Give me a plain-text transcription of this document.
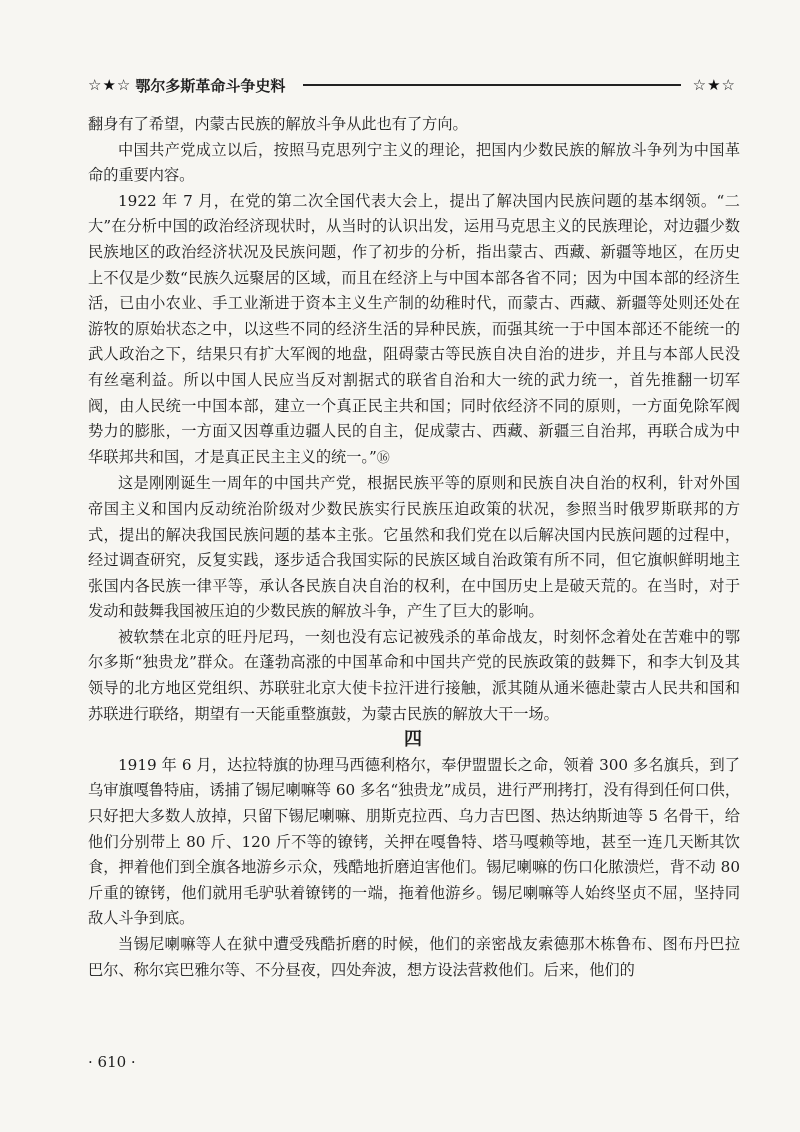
☆★☆ 鄂尔多斯革命斗争史料	☆★☆

翻身有了希望，内蒙古民族的解放斗争从此也有了方向。

中国共产党成立以后，按照马克思列宁主义的理论，把国内少数民族的解放斗争列为中国革命的重要内容。

1922 年 7 月，在党的第二次全国代表大会上，提出了解决国内民族问题的基本纲领。“二大”在分析中国的政治经济现状时，从当时的认识出发，运用马克思主义的民族理论，对边疆少数民族地区的政治经济状况及民族问题，作了初步的分析，指出蒙古、西藏、新疆等地区，在历史上不仅是少数“民族久远聚居的区域，而且在经济上与中国本部各省不同；因为中国本部的经济生活，已由小农业、手工业渐进于资本主义生产制的幼稚时代，而蒙古、西藏、新疆等处则还处在游牧的原始状态之中，以这些不同的经济生活的异种民族，而强其统一于中国本部还不能统一的武人政治之下，结果只有扩大军阀的地盘，阻碍蒙古等民族自决自治的进步，并且与本部人民没有丝毫利益。所以中国人民应当反对割据式的联省自治和大一统的武力统一，首先推翻一切军阀，由人民统一中国本部，建立一个真正民主共和国；同时依经济不同的原则，一方面免除军阀势力的膨胀，一方面又因尊重边疆人民的自主，促成蒙古、西藏、新疆三自治邦，再联合成为中华联邦共和国，才是真正民主主义的统一。”⑯

这是刚刚诞生一周年的中国共产党，根据民族平等的原则和民族自决自治的权利，针对外国帝国主义和国内反动统治阶级对少数民族实行民族压迫政策的状况，参照当时俄罗斯联邦的方式，提出的解决我国民族问题的基本主张。它虽然和我们党在以后解决国内民族问题的过程中，经过调查研究，反复实践，逐步适合我国实际的民族区域自治政策有所不同，但它旗帜鲜明地主张国内各民族一律平等，承认各民族自决自治的权利，在中国历史上是破天荒的。在当时，对于发动和鼓舞我国被压迫的少数民族的解放斗争，产生了巨大的影响。

被软禁在北京的旺丹尼玛，一刻也没有忘记被残杀的革命战友，时刻怀念着处在苦难中的鄂尔多斯“独贵龙”群众。在蓬勃高涨的中国革命和中国共产党的民族政策的鼓舞下，和李大钊及其领导的北方地区党组织、苏联驻北京大使卡拉汗进行接触，派其随从通米德赴蒙古人民共和国和苏联进行联络，期望有一天能重整旗鼓，为蒙古民族的解放大干一场。

四

1919 年 6 月，达拉特旗的协理马西德利格尔，奉伊盟盟长之命，领着 300 多名旗兵，到了乌审旗嘎鲁特庙，诱捕了锡尼喇嘛等 60 多名“独贵龙”成员，进行严刑拷打，没有得到任何口供，只好把大多数人放掉，只留下锡尼喇嘛、朋斯克拉西、乌力吉巴图、热达纳斯迪等 5 名骨干，给他们分别带上 80 斤、120 斤不等的镣铐，关押在嘎鲁特、塔马嘎赖等地，甚至一连几天断其饮食，押着他们到全旗各地游乡示众，残酷地折磨迫害他们。锡尼喇嘛的伤口化脓溃烂，背不动 80 斤重的镣铐，他们就用毛驴驮着镣铐的一端，拖着他游乡。锡尼喇嘛等人始终坚贞不屈，坚持同敌人斗争到底。

当锡尼喇嘛等人在狱中遭受残酷折磨的时候，他们的亲密战友索德那木栋鲁布、图布丹巴拉巴尔、称尔宾巴雅尔等、不分昼夜，四处奔波，想方设法营救他们。后来，他们的

· 610 ·
